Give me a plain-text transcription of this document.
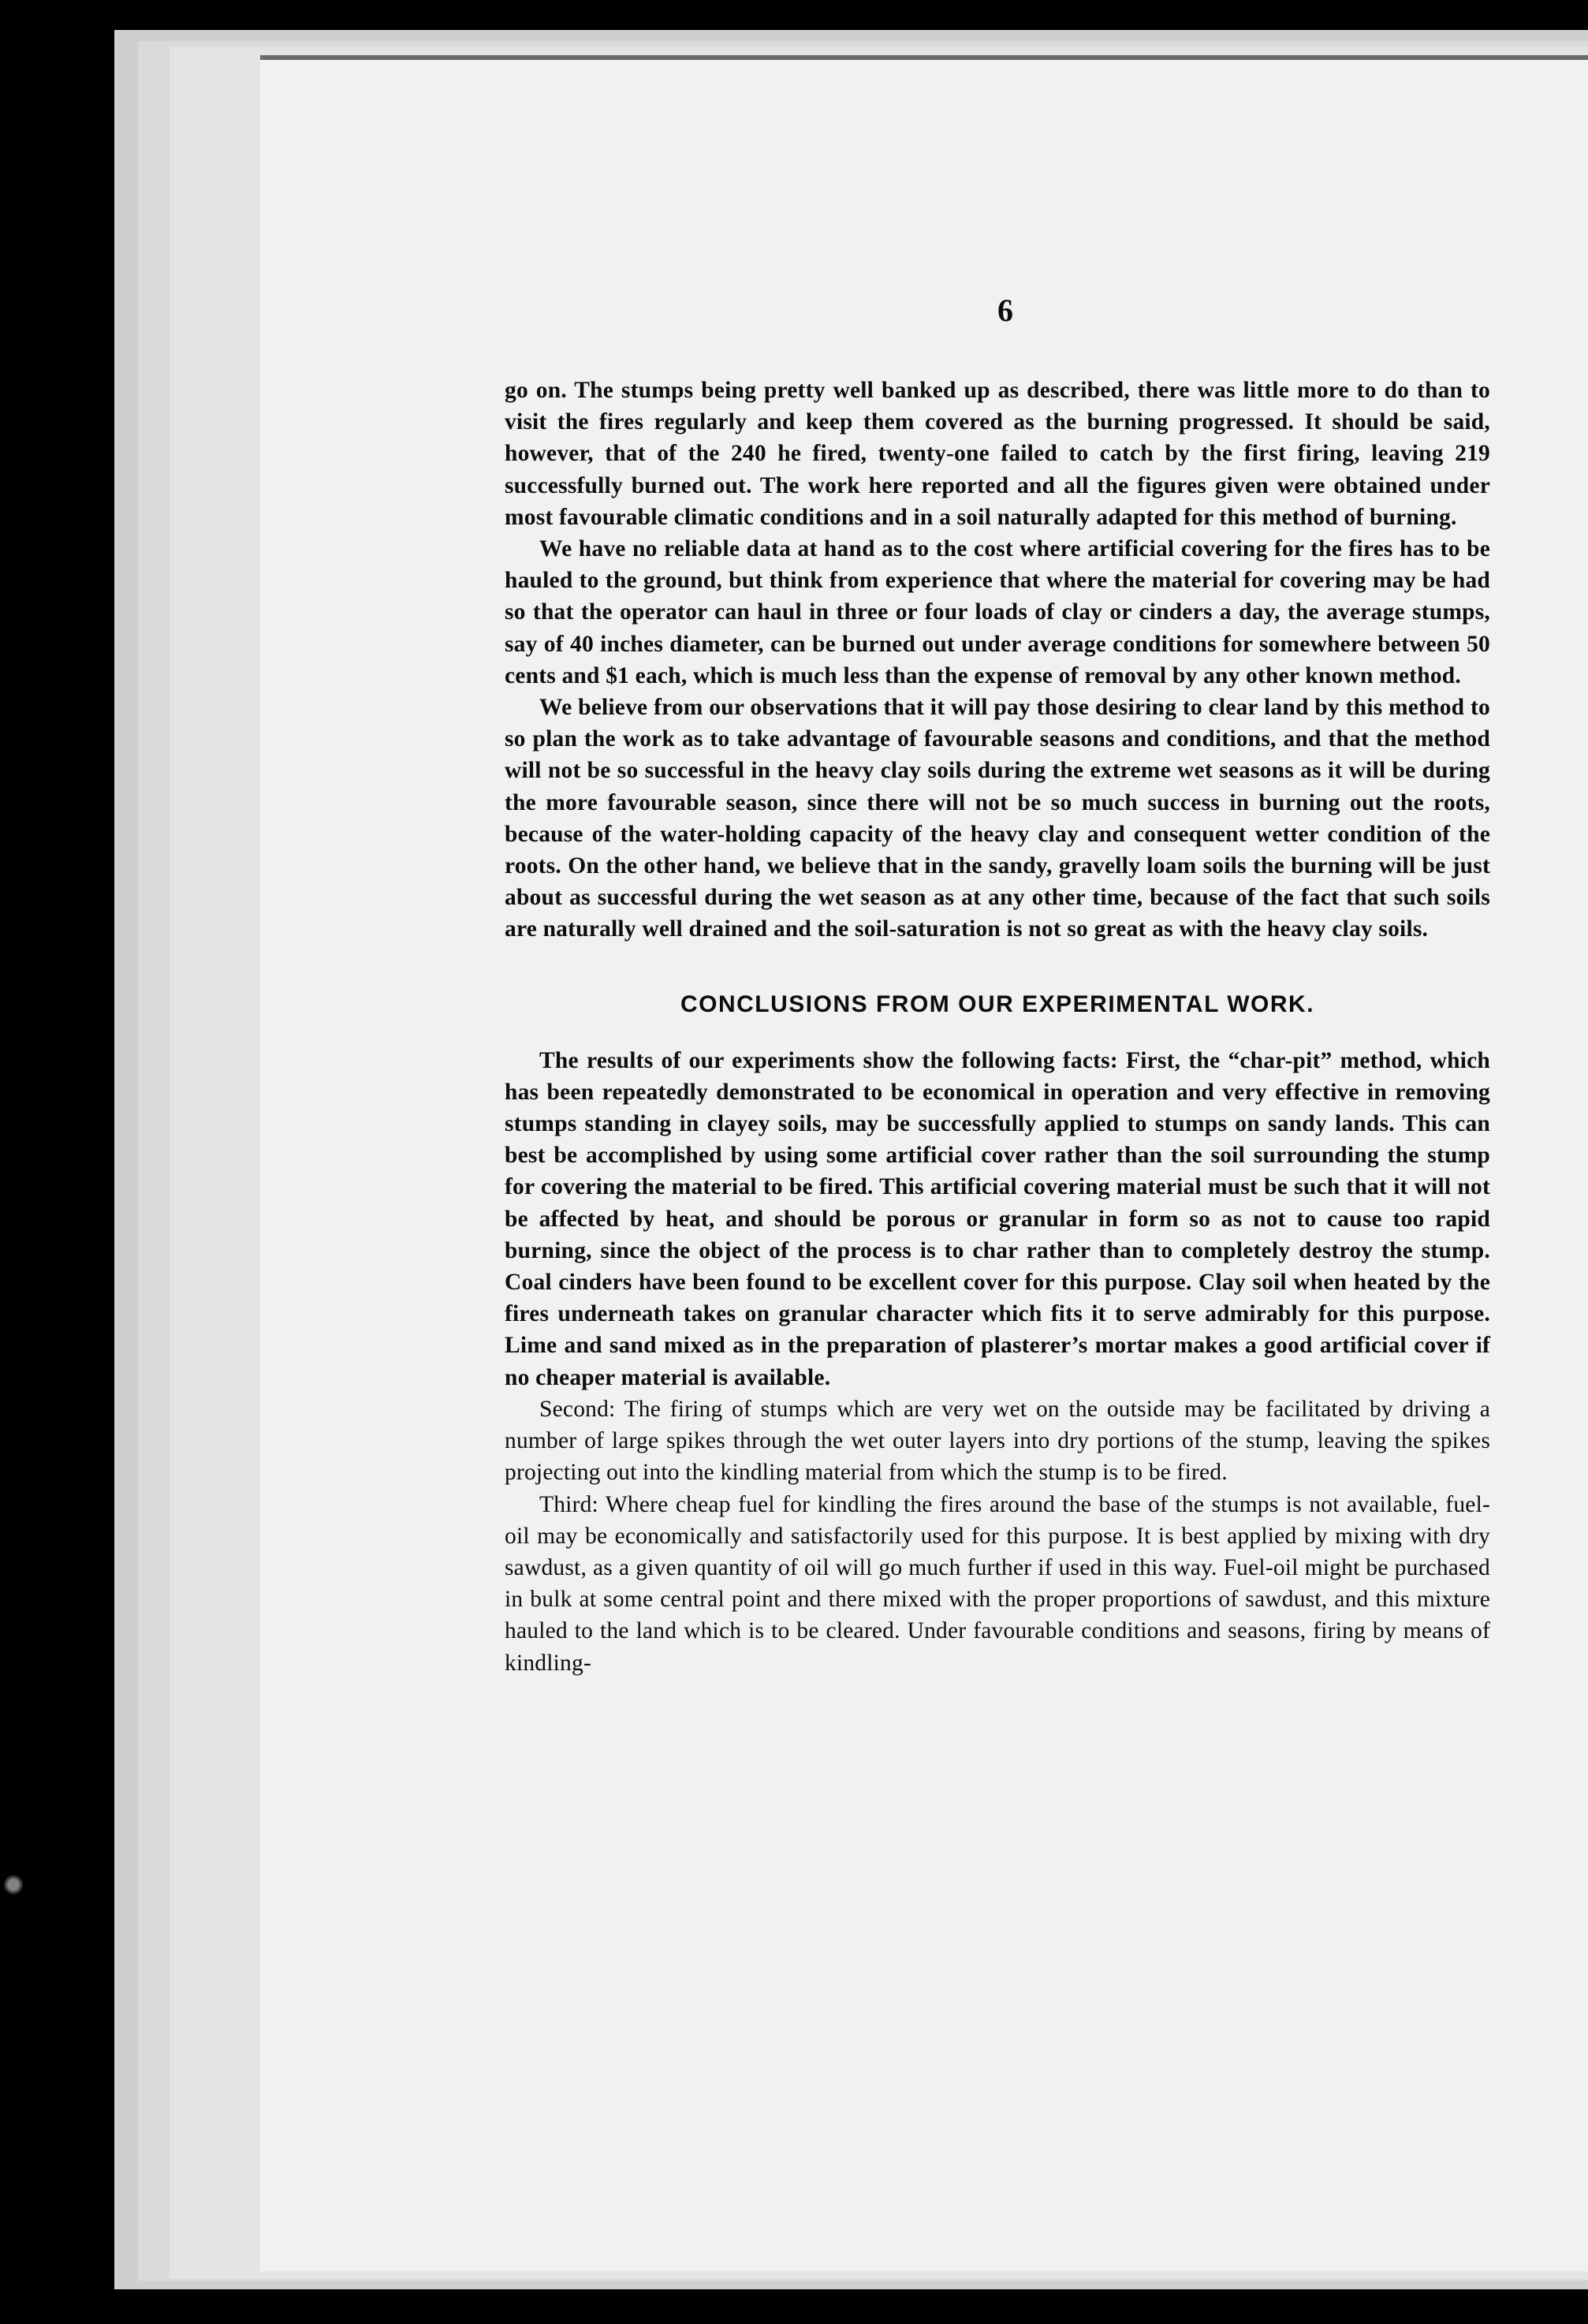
6

go on. The stumps being pretty well banked up as described, there was little more to do than to visit the fires regularly and keep them covered as the burning progressed. It should be said, however, that of the 240 he fired, twenty-one failed to catch by the first firing, leaving 219 successfully burned out. The work here reported and all the figures given were obtained under most favourable climatic conditions and in a soil naturally adapted for this method of burning.

We have no reliable data at hand as to the cost where artificial covering for the fires has to be hauled to the ground, but think from experience that where the material for covering may be had so that the operator can haul in three or four loads of clay or cinders a day, the average stumps, say of 40 inches diameter, can be burned out under average conditions for somewhere between 50 cents and $1 each, which is much less than the expense of removal by any other known method.

We believe from our observations that it will pay those desiring to clear land by this method to so plan the work as to take advantage of favourable seasons and conditions, and that the method will not be so successful in the heavy clay soils during the extreme wet seasons as it will be during the more favourable season, since there will not be so much success in burning out the roots, because of the water-holding capacity of the heavy clay and consequent wetter condition of the roots. On the other hand, we believe that in the sandy, gravelly loam soils the burning will be just about as successful during the wet season as at any other time, because of the fact that such soils are naturally well drained and the soil-saturation is not so great as with the heavy clay soils.

CONCLUSIONS FROM OUR EXPERIMENTAL WORK.

The results of our experiments show the following facts: First, the “char-pit” method, which has been repeatedly demonstrated to be economical in operation and very effective in removing stumps standing in clayey soils, may be successfully applied to stumps on sandy lands. This can best be accomplished by using some artificial cover rather than the soil surrounding the stump for covering the material to be fired. This artificial covering material must be such that it will not be affected by heat, and should be porous or granular in form so as not to cause too rapid burning, since the object of the process is to char rather than to completely destroy the stump. Coal cinders have been found to be excellent cover for this purpose. Clay soil when heated by the fires underneath takes on granular character which fits it to serve admirably for this purpose. Lime and sand mixed as in the preparation of plasterer’s mortar makes a good artificial cover if no cheaper material is available.

Second: The firing of stumps which are very wet on the outside may be facilitated by driving a number of large spikes through the wet outer layers into dry portions of the stump, leaving the spikes projecting out into the kindling material from which the stump is to be fired.

Third: Where cheap fuel for kindling the fires around the base of the stumps is not available, fuel-oil may be economically and satisfactorily used for this purpose. It is best applied by mixing with dry sawdust, as a given quantity of oil will go much further if used in this way. Fuel-oil might be purchased in bulk at some central point and there mixed with the proper proportions of sawdust, and this mixture hauled to the land which is to be cleared. Under favourable conditions and seasons, firing by means of kindling-
